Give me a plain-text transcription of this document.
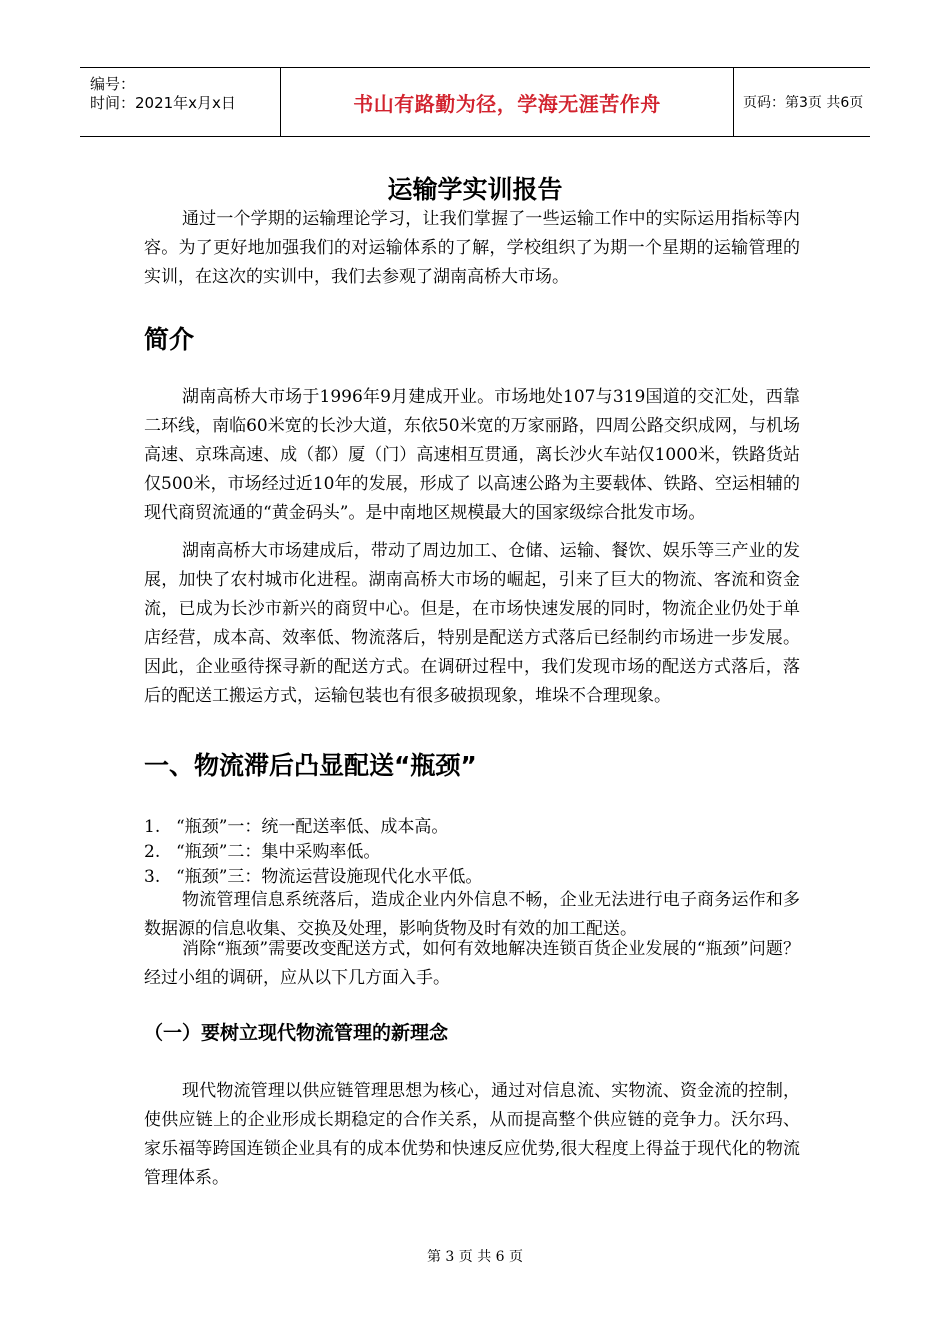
编号：
时间：2021年x月x日	书山有路勤为径，学海无涯苦作舟	页码：第3页 共6页
运输学实训报告

通过一个学期的运输理论学习，让我们掌握了一些运输工作中的实际运用指标等内容。为了更好地加强我们的对运输体系的了解，学校组织了为期一个星期的运输管理的实训，在这次的实训中，我们去参观了湖南高桥大市场。

简介

湖南高桥大市场于1996年9月建成开业。市场地处107与319国道的交汇处，西靠二环线，南临60米宽的长沙大道，东依50米宽的万家丽路，四周公路交织成网，与机场高速、京珠高速、成（都）厦（门）高速相互贯通，离长沙火车站仅1000米，铁路货站仅500米，市场经过近10年的发展，形成了 以高速公路为主要载体、铁路、空运相辅的现代商贸流通的“黄金码头”。是中南地区规模最大的国家级综合批发市场。

湖南高桥大市场建成后，带动了周边加工、仓储、运输、餐饮、娱乐等三产业的发展，加快了农村城市化进程。湖南高桥大市场的崛起，引来了巨大的物流、客流和资金流，已成为长沙市新兴的商贸中心。但是，在市场快速发展的同时，物流企业仍处于单店经营，成本高、效率低、物流落后，特别是配送方式落后已经制约市场进一步发展。因此，企业亟待探寻新的配送方式。在调研过程中，我们发现市场的配送方式落后，落后的配送工搬运方式，运输包装也有很多破损现象，堆垛不合理现象。

一、物流滞后凸显配送“瓶颈”
1. “瓶颈”一：统一配送率低、成本高。
2. “瓶颈”二：集中采购率低。
3. “瓶颈”三：物流运营设施现代化水平低。

物流管理信息系统落后，造成企业内外信息不畅，企业无法进行电子商务运作和多数据源的信息收集、交换及处理，影响货物及时有效的加工配送。

消除“瓶颈”需要改变配送方式，如何有效地解决连锁百货企业发展的“瓶颈”问题？经过小组的调研，应从以下几方面入手。

（一）要树立现代物流管理的新理念

现代物流管理以供应链管理思想为核心，通过对信息流、实物流、资金流的控制，使供应链上的企业形成长期稳定的合作关系，从而提高整个供应链的竞争力。沃尔玛、家乐福等跨国连锁企业具有的成本优势和快速反应优势,很大程度上得益于现代化的物流管理体系。

第 3 页 共 6 页
